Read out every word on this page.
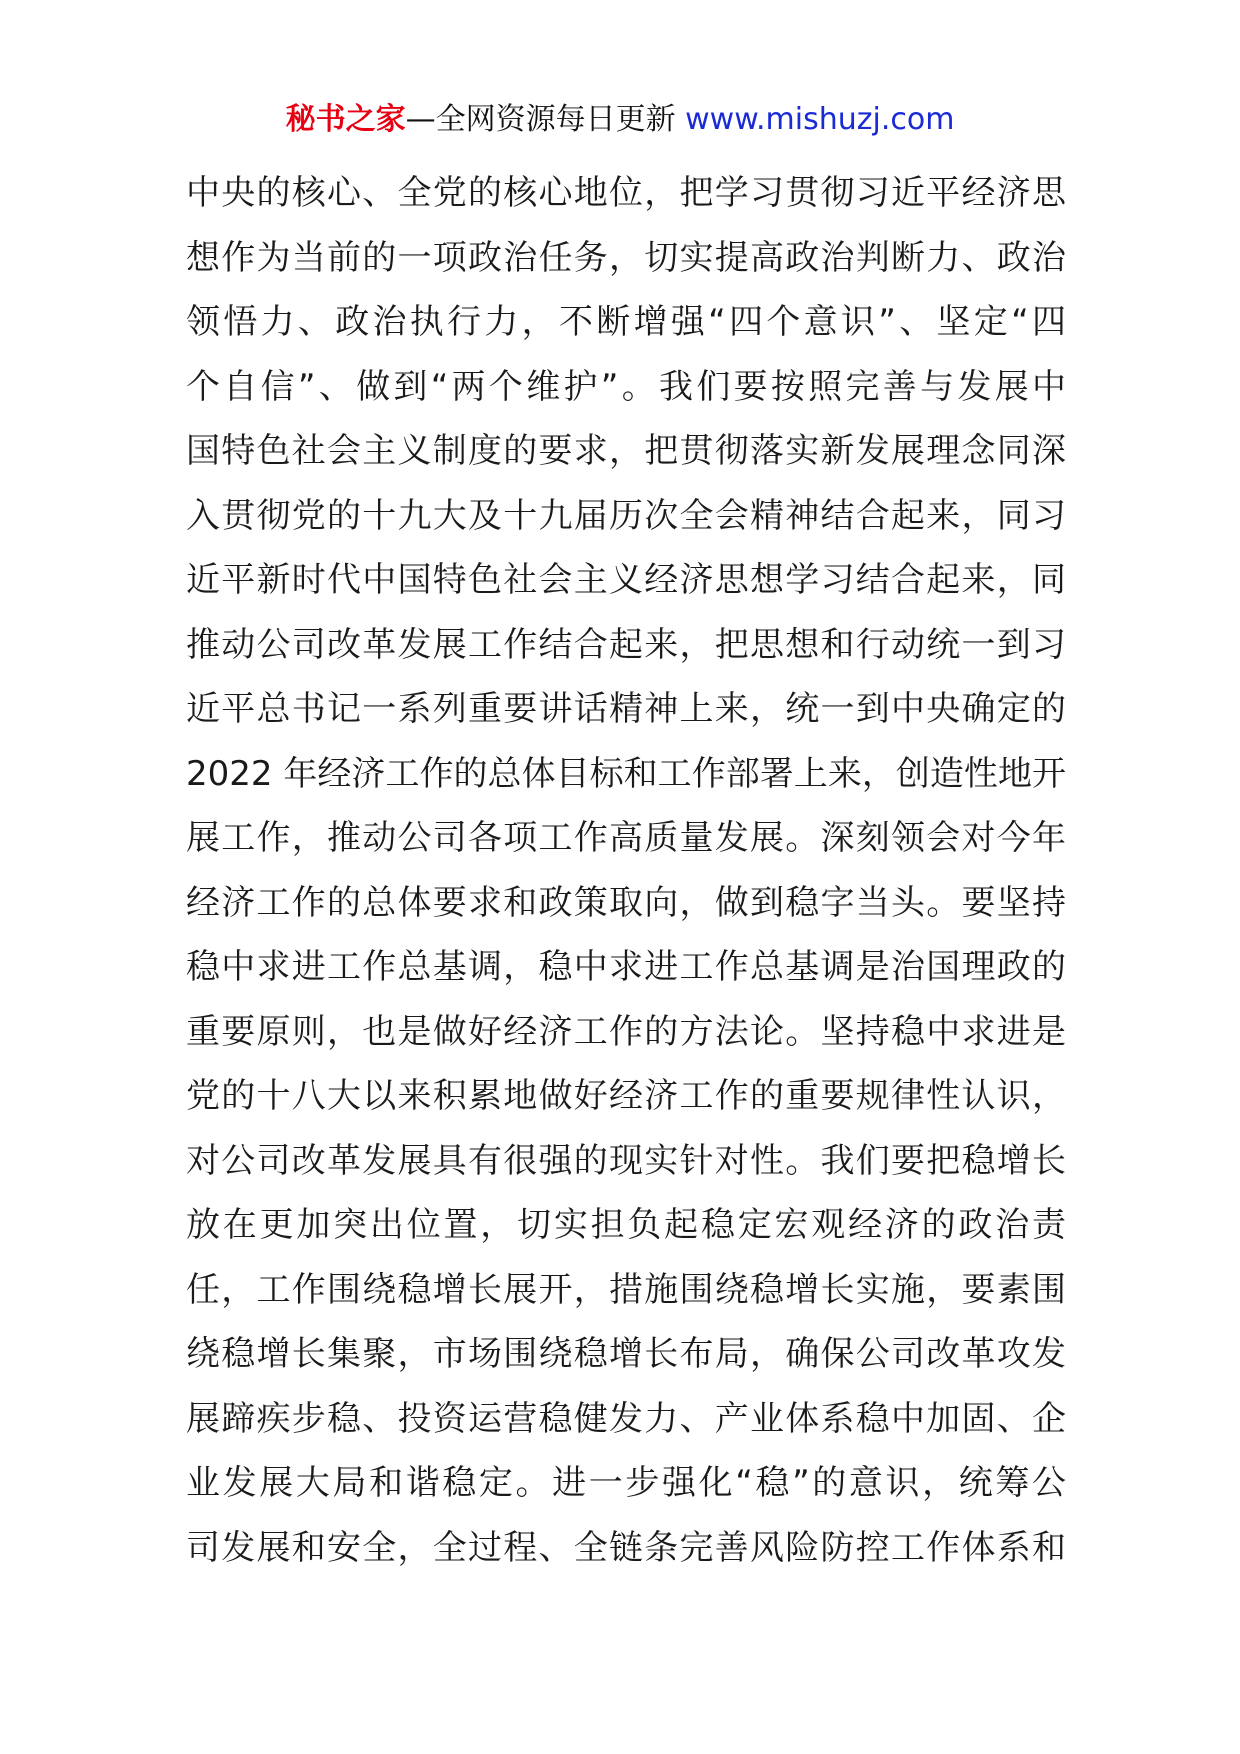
秘书之家—全网资源每日更新 www.mishuzj.com
中央的核心、全党的核心地位，把学习贯彻习近平经济思
想作为当前的一项政治任务，切实提高政治判断力、政治
领悟力、政治执行力，不断增强“四个意识”、坚定“四
个自信”、做到“两个维护”。我们要按照完善与发展中
国特色社会主义制度的要求，把贯彻落实新发展理念同深
入贯彻党的十九大及十九届历次全会精神结合起来，同习
近平新时代中国特色社会主义经济思想学习结合起来，同
推动公司改革发展工作结合起来，把思想和行动统一到习
近平总书记一系列重要讲话精神上来，统一到中央确定的
2022 年经济工作的总体目标和工作部署上来，创造性地开
展工作，推动公司各项工作高质量发展。深刻领会对今年
经济工作的总体要求和政策取向，做到稳字当头。要坚持
稳中求进工作总基调，稳中求进工作总基调是治国理政的
重要原则，也是做好经济工作的方法论。坚持稳中求进是
党的十八大以来积累地做好经济工作的重要规律性认识，
对公司改革发展具有很强的现实针对性。我们要把稳增长
放在更加突出位置，切实担负起稳定宏观经济的政治责
任，工作围绕稳增长展开，措施围绕稳增长实施，要素围
绕稳增长集聚，市场围绕稳增长布局，确保公司改革攻发
展蹄疾步稳、投资运营稳健发力、产业体系稳中加固、企
业发展大局和谐稳定。进一步强化“稳”的意识，统筹公
司发展和安全，全过程、全链条完善风险防控工作体系和
